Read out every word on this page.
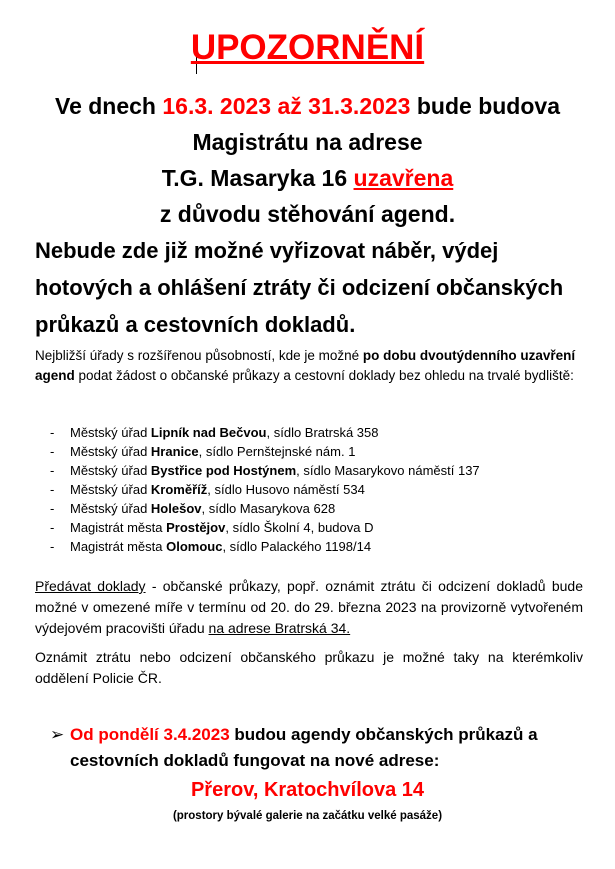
UPOZORNĚNÍ
Ve dnech 16.3. 2023 až 31.3.2023 bude budova
Magistrátu na adrese
T.G. Masaryka 16 uzavřena
z důvodu stěhování agend.
Nebude zde již možné vyřizovat náběr, výdej hotových a ohlášení ztráty či odcizení občanských průkazů a cestovních dokladů.
Nejbližší úřady s rozšířenou působností, kde je možné po dobu dvoutýdenního uzavření agend podat žádost o občanské průkazy a cestovní doklady bez ohledu na trvalé bydliště:
- Městský úřad Lipník nad Bečvou, sídlo Bratrská 358
- Městský úřad Hranice, sídlo Pernštejnské nám. 1
- Městský úřad Bystřice pod Hostýnem, sídlo Masarykovo náměstí 137
- Městský úřad Kroměříž, sídlo Husovo náměstí 534
- Městský úřad Holešov, sídlo Masarykova 628
- Magistrát města Prostějov, sídlo Školní 4, budova D
- Magistrát města Olomouc, sídlo Palackého 1198/14
Předávat doklady - občanské průkazy, popř. oznámit ztrátu či odcizení dokladů bude možné v omezené míře v termínu od 20. do 29. března 2023 na provizorně vytvořeném výdejovém pracovišti úřadu na adrese Bratrská 34.
Oznámit ztrátu nebo odcizení občanského průkazu je možné taky na kterémkoliv oddělení Policie ČR.
➢ Od pondělí 3.4.2023 budou agendy občanských průkazů a cestovních dokladů fungovat na nové adrese:
Přerov, Kratochvílova 14
(prostory bývalé galerie na začátku velké pasáže)
